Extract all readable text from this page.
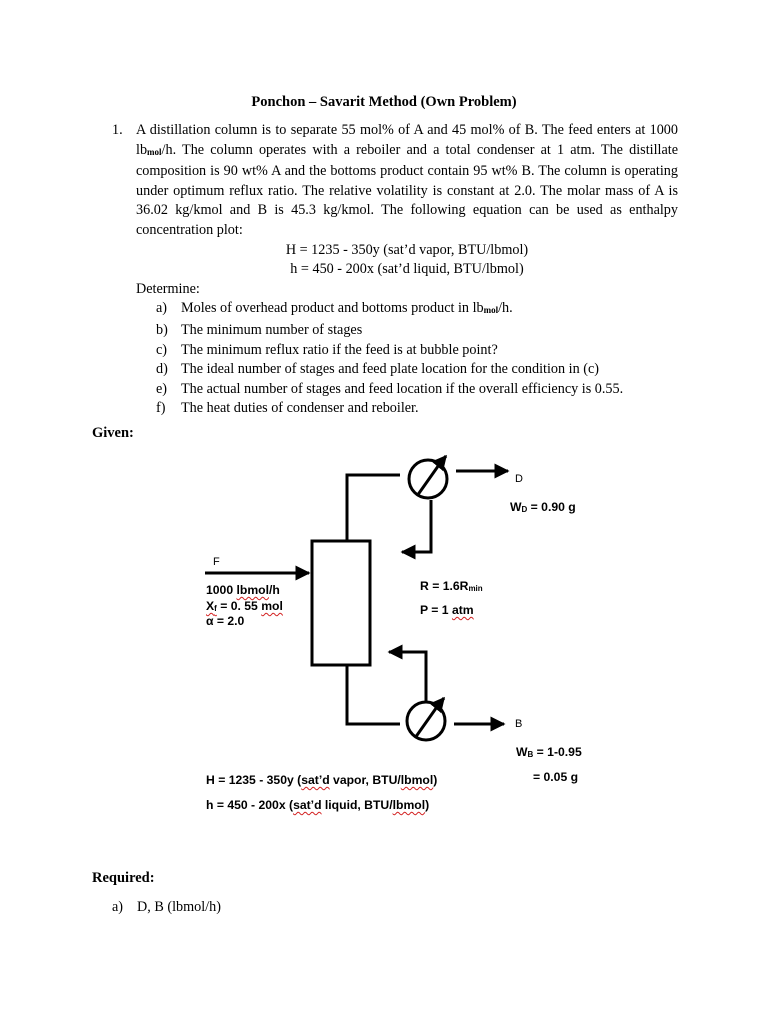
Ponchon – Savarit Method (Own Problem)
1. A distillation column is to separate 55 mol% of A and 45 mol% of B. The feed enters at 1000 $lb_{mol}/h$. The column operates with a reboiler and a total condenser at 1 atm. The distillate composition is 90 wt% A and the bottoms product contain 95 wt% B. The column is operating under optimum reflux ratio. The relative volatility is constant at 2.0. The molar mass of A is 36.02 kg/kmol and B is 45.3 kg/kmol. The following equation can be used as enthalpy concentration plot:
H = 1235 - 350y (sat’d vapor, BTU/lbmol)
h = 450 - 200x (sat’d liquid, BTU/lbmol)
Determine:
a) Moles of overhead product and bottoms product in $lb_{mol}/h$.
b) The minimum number of stages
c) The minimum reflux ratio if the feed is at bubble point?
d) The ideal number of stages and feed plate location for the condition in (c)
e) The actual number of stages and feed location if the overall efficiency is 0.55.
f) The heat duties of condenser and reboiler.
Given:
F
1000 lbmol/h
$X_f = 0$. 55 mol
α = 2.0
$R = 1.6R_{min}$
P = 1 atm
D
$W_D = 0.90$ g
B
$W_B = 1-0.95$
= 0.05 g
H = 1235 - 350y (sat’d vapor, BTU/lbmol)
h = 450 - 200x (sat’d liquid, BTU/lbmol)
Required:
a) D, B (lbmol/h)
